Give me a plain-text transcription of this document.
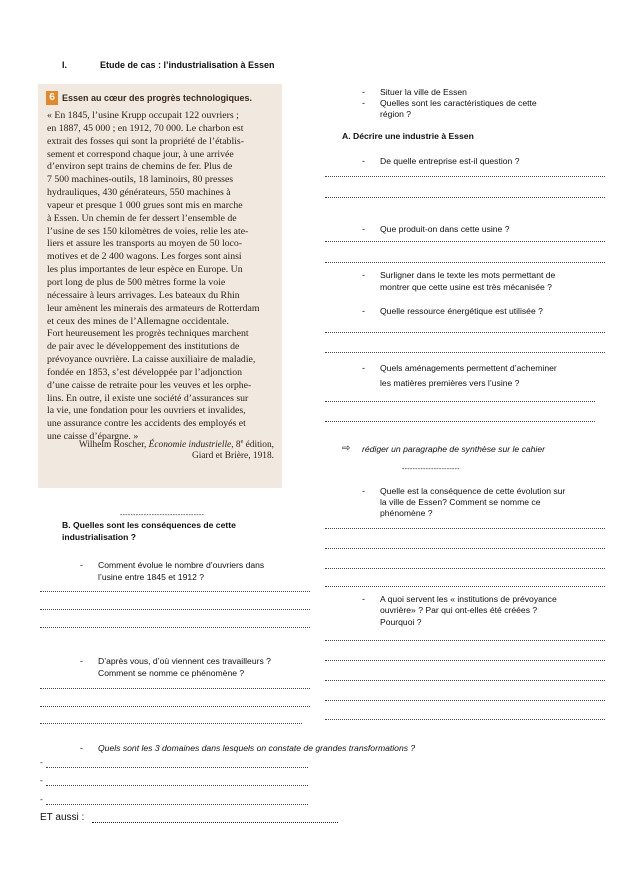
I.	Etude de cas : l’industrialisation à Essen
6 Essen au cœur des progrès technologiques.
« En 1845, l’usine Krupp occupait 122 ouvriers ;
en 1887, 45 000 ; en 1912, 70 000. Le charbon est
extrait des fosses qui sont la propriété de l’établis-
sement et correspond chaque jour, à une arrivée
d’environ sept trains de chemins de fer. Plus de
7 500 machines-outils, 18 laminoirs, 80 presses
hydrauliques, 430 générateurs, 550 machines à
vapeur et presque 1 000 grues sont mis en marche
à Essen. Un chemin de fer dessert l’ensemble de
l’usine de ses 150 kilomètres de voies, relie les ate-
liers et assure les transports au moyen de 50 loco-
motives et de 2 400 wagons. Les forges sont ainsi
les plus importantes de leur espèce en Europe. Un
port long de plus de 500 mètres forme la voie
nécessaire à leurs arrivages. Les bateaux du Rhin
leur amènent les minerais des armateurs de Rotterdam
et ceux des mines de l’Allemagne occidentale.
Fort heureusement les progrès techniques marchent
de pair avec le développement des institutions de
prévoyance ouvrière. La caisse auxiliaire de maladie,
fondée en 1853, s’est développée par l’adjonction
d’une caisse de retraite pour les veuves et les orphe-
lins. En outre, il existe une société d’assurances sur
la vie, une fondation pour les ouvriers et invalides,
une assurance contre les accidents des employés et
une caisse d’épargne. »
Wilhelm Roscher, Économie industrielle, 8e édition,
Giard et Brière, 1918.
- Situer la ville de Essen
- Quelles sont les caractéristiques de cette
région ?
A. Décrire une industrie à Essen
- De quelle entreprise est-il question ?
- Que produit-on dans cette usine ?
- Surligner dans le texte les mots permettant de
montrer que cette usine est très mécanisée ?
- Quelle ressource énergétique est utilisée ?
- Quels aménagements permettent d’acheminer
les matières premières vers l’usine ?
⇨ rédiger un paragraphe de synthèse sur le cahier
----------------------
- Quelle est la conséquence de cette évolution sur
la ville de Essen? Comment se nomme ce
phénomène ?
- A quoi servent les « institutions de prévoyance
ouvrière» ? Par qui ont-elles été créées ?
Pourquoi ?
--------------------------------
B. Quelles sont les conséquences de cette
industrialisation ?
- Comment évolue le nombre d’ouvriers dans
l’usine entre 1845 et 1912 ?
- D’après vous, d’où viennent ces travailleurs ?
Comment se nomme ce phénomène ?
- Quels sont les 3 domaines dans lesquels on constate de grandes transformations ?
-
-
-
ET aussi :
